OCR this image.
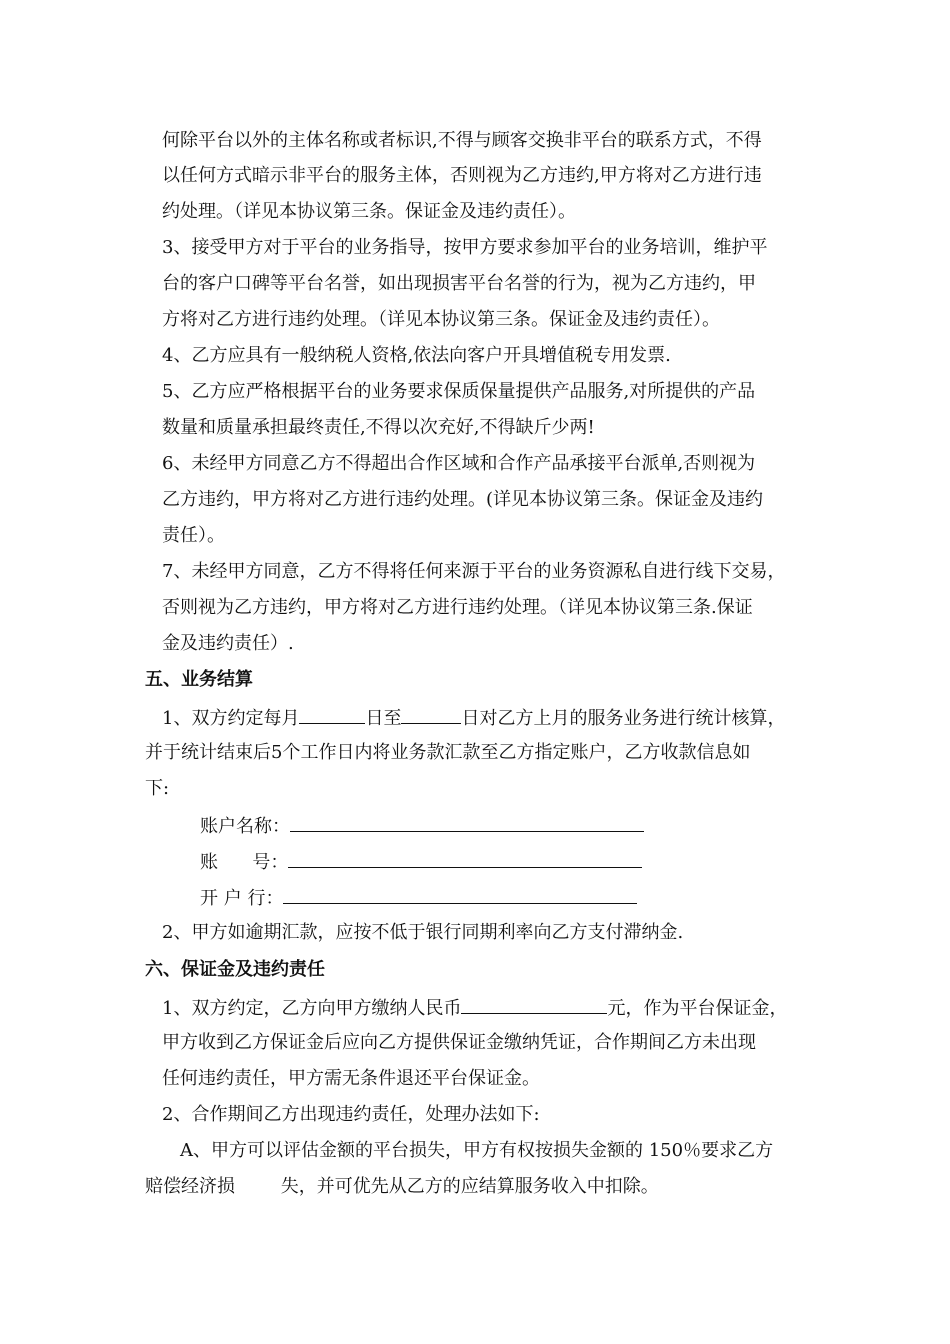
何除平台以外的主体名称或者标识,不得与顾客交换非平台的联系方式，不得
以任何方式暗示非平台的服务主体，否则视为乙方违约,甲方将对乙方进行违
约处理。（详见本协议第三条。保证金及违约责任）。
3、接受甲方对于平台的业务指导，按甲方要求参加平台的业务培训，维护平
台的客户口碑等平台名誉，如出现损害平台名誉的行为，视为乙方违约，甲
方将对乙方进行违约处理。（详见本协议第三条。保证金及违约责任）。
4、乙方应具有一般纳税人资格,依法向客户开具增值税专用发票.
5、乙方应严格根据平台的业务要求保质保量提供产品服务,对所提供的产品
数量和质量承担最终责任,不得以次充好,不得缺斤少两!
6、未经甲方同意乙方不得超出合作区域和合作产品承接平台派单,否则视为
乙方违约，甲方将对乙方进行违约处理。(详见本协议第三条。保证金及违约
责任）。
7、未经甲方同意，乙方不得将任何来源于平台的业务资源私自进行线下交易，
否则视为乙方违约，甲方将对乙方进行违约处理。（详见本协议第三条.保证
金及违约责任）.
五、业务结算
1、双方约定每月	日至	日对乙方上月的服务业务进行统计核算，
并于统计结束后5个工作日内将业务款汇款至乙方指定账户，乙方收款信息如
下:
账户名称：
账      号：
开 户 行：
2、甲方如逾期汇款，应按不低于银行同期利率向乙方支付滞纳金.
六、保证金及违约责任
1、双方约定，乙方向甲方缴纳人民币	元，作为平台保证金，
甲方收到乙方保证金后应向乙方提供保证金缴纳凭证，合作期间乙方未出现
任何违约责任，甲方需无条件退还平台保证金。
2、合作期间乙方出现违约责任，处理办法如下:
A、甲方可以评估金额的平台损失，甲方有权按损失金额的 150％要求乙方
赔偿经济损        失，并可优先从乙方的应结算服务收入中扣除。
